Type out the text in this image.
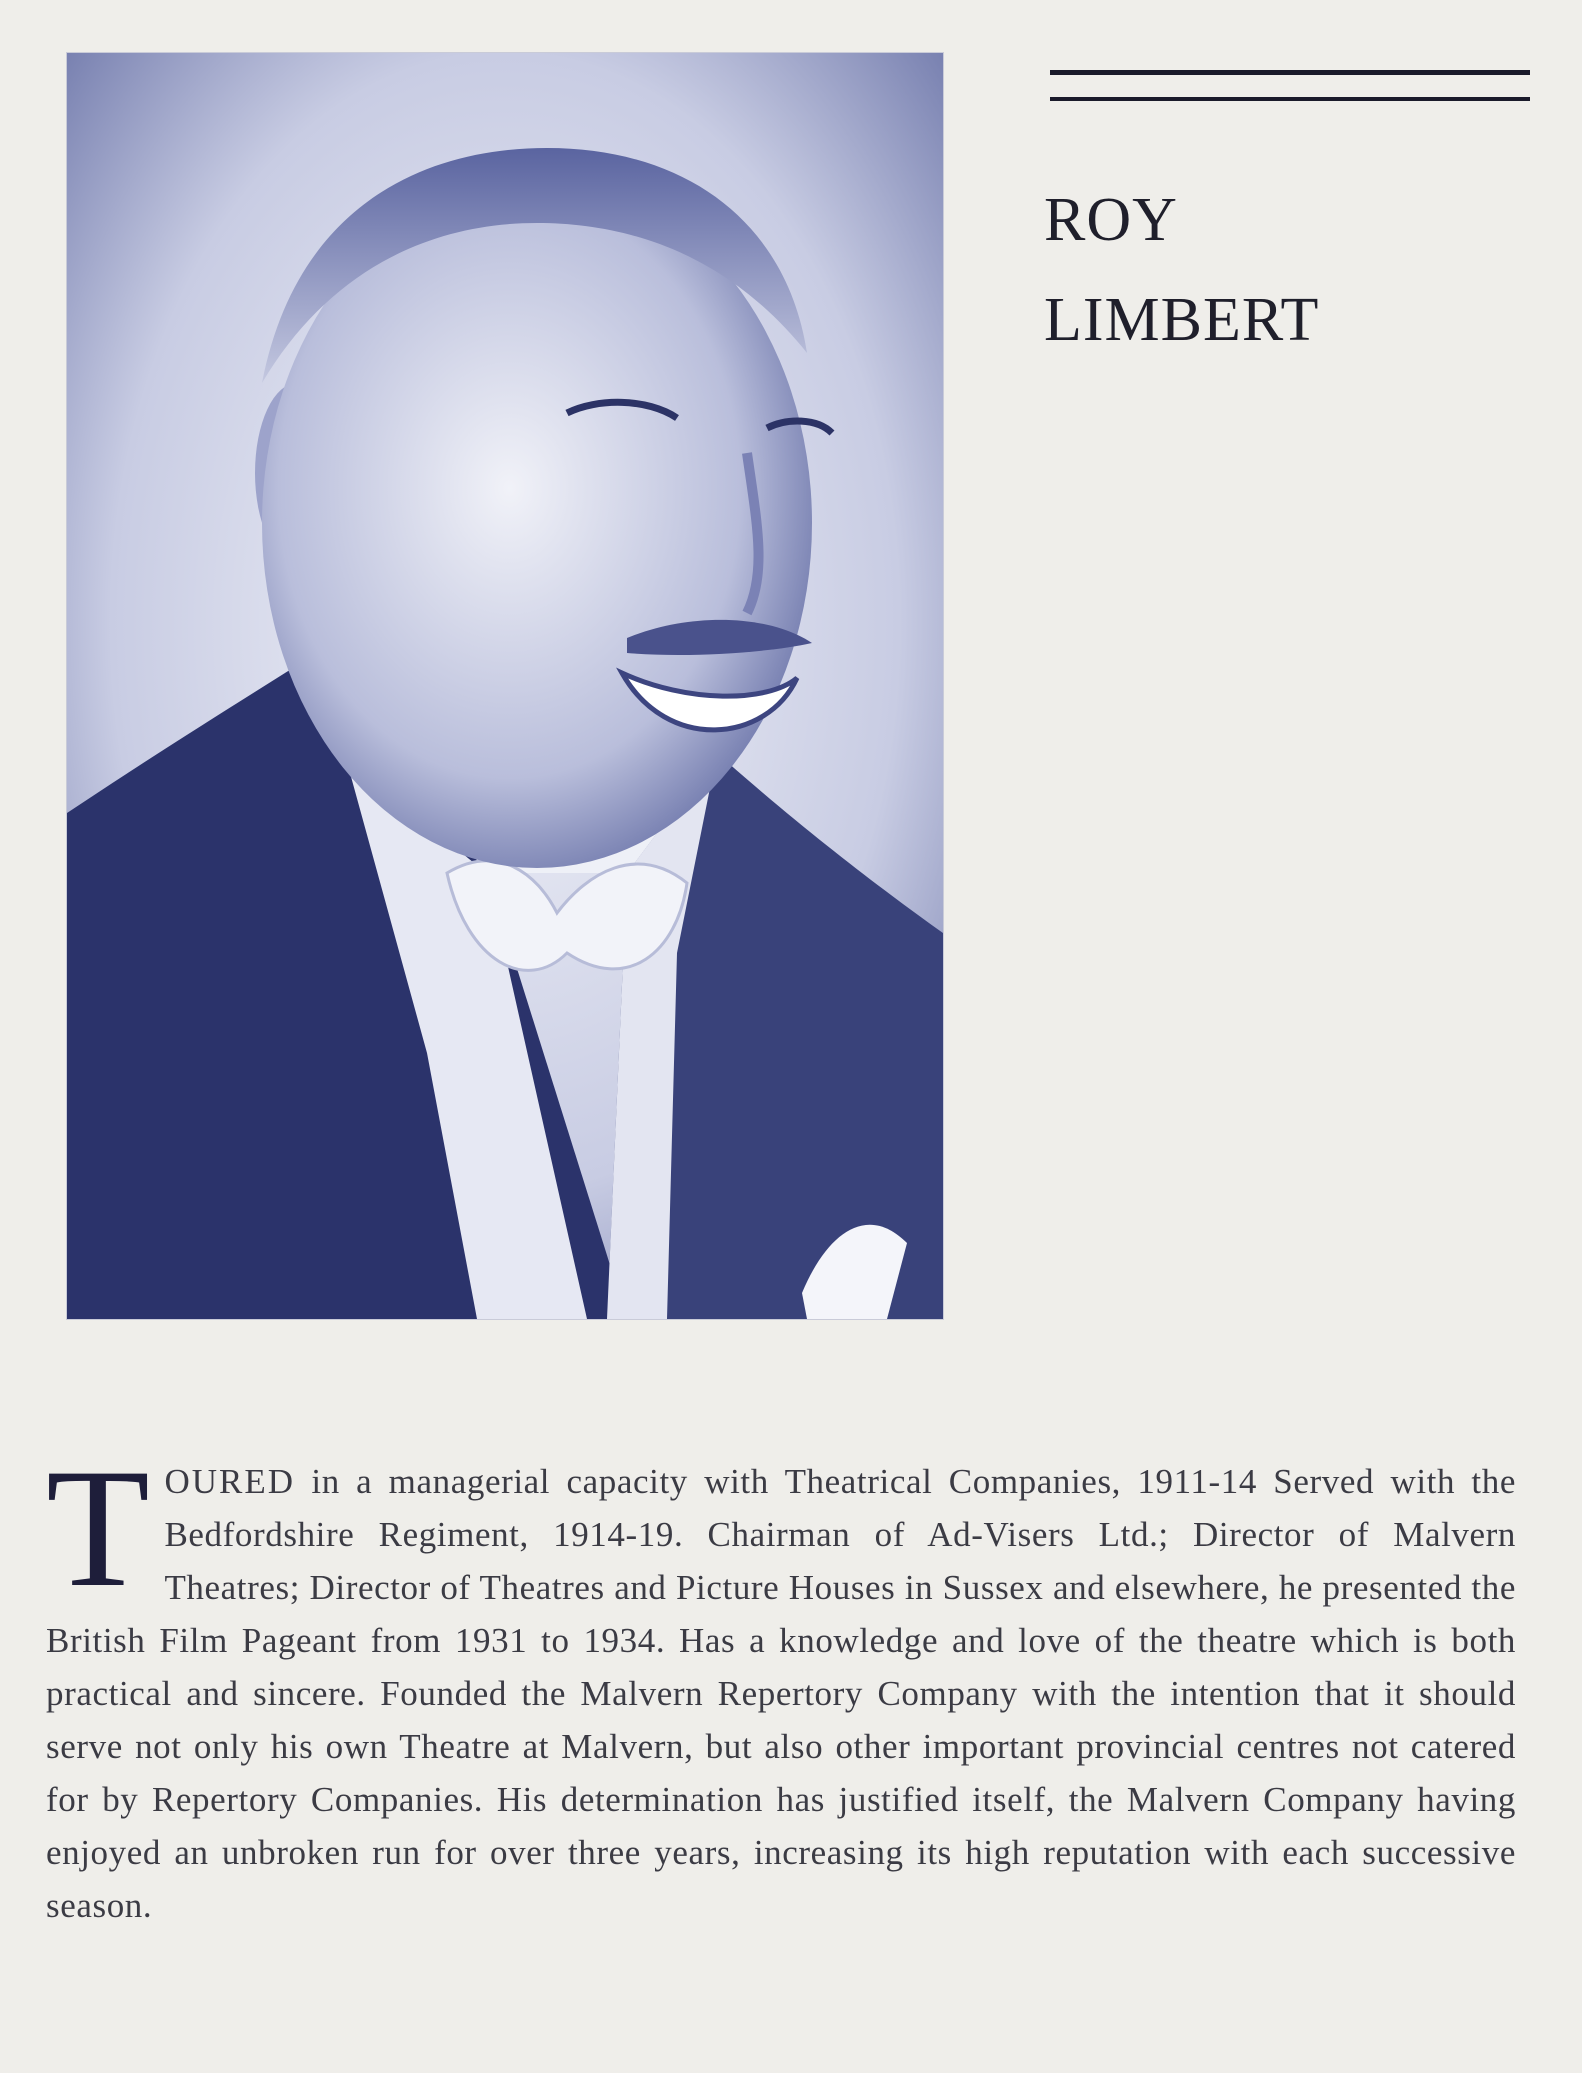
ROY
LIMBERT
T OURED in a managerial capacity with Theatrical Companies, 1911-14 Served with the Bedfordshire Regiment, 1914-19. Chairman of Ad-Visers Ltd.; Director of Malvern Theatres; Director of Theatres and Picture Houses in Sussex and elsewhere, he presented the British Film Pageant from 1931 to 1934. Has a knowledge and love of the theatre which is both practical and sincere. Founded the Malvern Repertory Company with the intention that it should serve not only his own Theatre at Malvern, but also other important provincial centres not catered for by Repertory Companies. His determination has justified itself, the Malvern Company having enjoyed an unbroken run for over three years, increasing its high reputation with each successive season.
